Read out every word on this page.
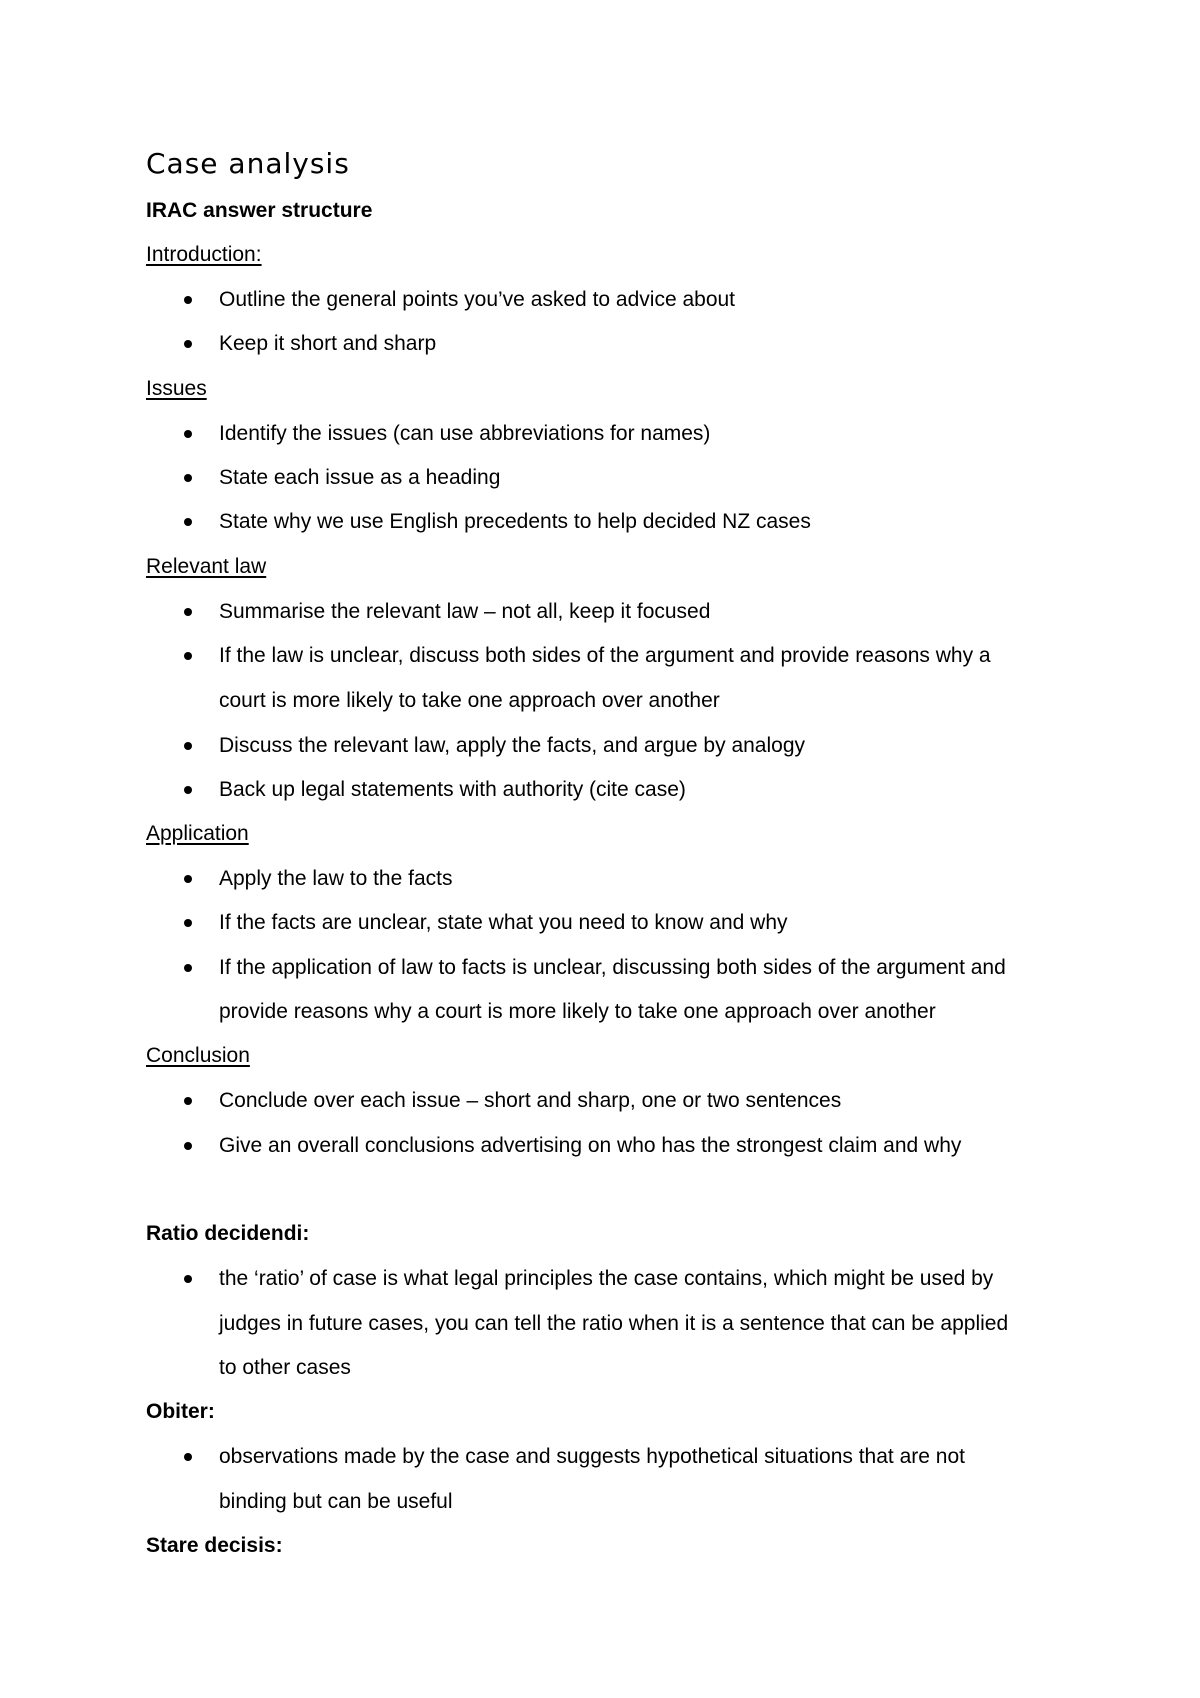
Case analysis
IRAC answer structure
Introduction:
Outline the general points you’ve asked to advice about
Keep it short and sharp
Issues
Identify the issues (can use abbreviations for names)
State each issue as a heading
State why we use English precedents to help decided NZ cases
Relevant law
Summarise the relevant law – not all, keep it focused
If the law is unclear, discuss both sides of the argument and provide reasons why a
court is more likely to take one approach over another
Discuss the relevant law, apply the facts, and argue by analogy
Back up legal statements with authority (cite case)
Application
Apply the law to the facts
If the facts are unclear, state what you need to know and why
If the application of law to facts is unclear, discussing both sides of the argument and
provide reasons why a court is more likely to take one approach over another
Conclusion
Conclude over each issue – short and sharp, one or two sentences
Give an overall conclusions advertising on who has the strongest claim and why
Ratio decidendi:
the ‘ratio’ of case is what legal principles the case contains, which might be used by
judges in future cases, you can tell the ratio when it is a sentence that can be applied
to other cases
Obiter:
observations made by the case and suggests hypothetical situations that are not
binding but can be useful
Stare decisis:
